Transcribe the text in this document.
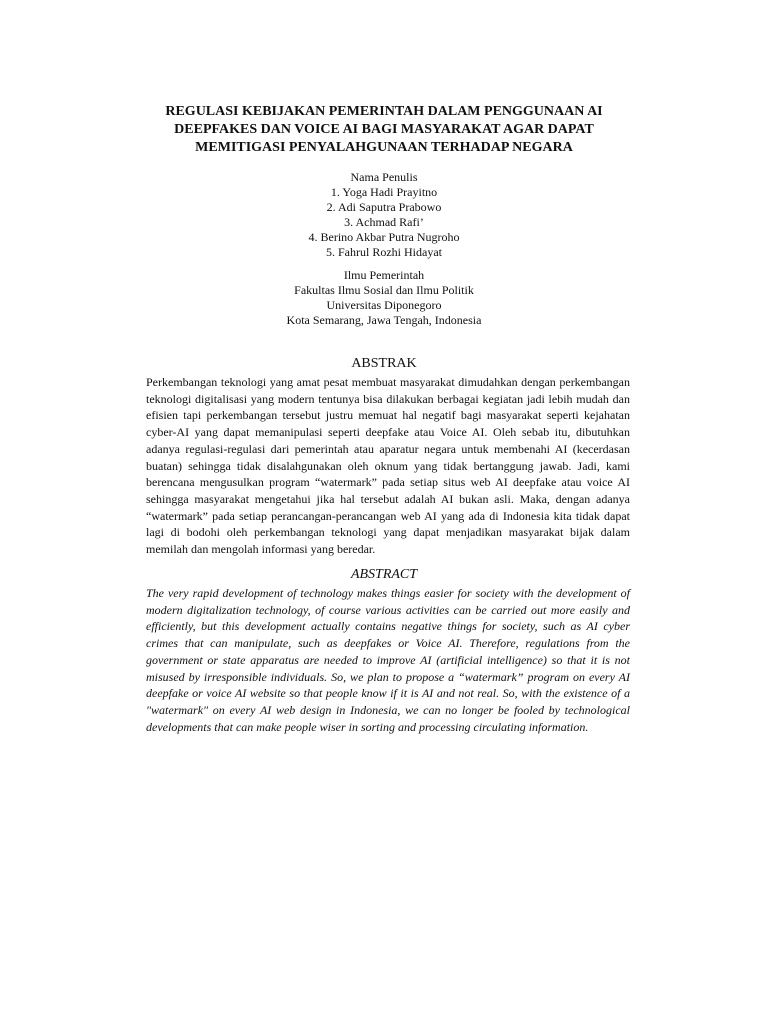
REGULASI KEBIJAKAN PEMERINTAH DALAM PENGGUNAAN AI
DEEPFAKES DAN VOICE AI BAGI MASYARAKAT AGAR DAPAT
MEMITIGASI PENYALAHGUNAAN TERHADAP NEGARA
Nama Penulis
1. Yoga Hadi Prayitno
2. Adi Saputra Prabowo
3. Achmad Rafi’
4. Berino Akbar Putra Nugroho
5. Fahrul Rozhi Hidayat
Ilmu Pemerintah
Fakultas Ilmu Sosial dan Ilmu Politik
Universitas Diponegoro
Kota Semarang, Jawa Tengah, Indonesia
ABSTRAK

Perkembangan teknologi yang amat pesat membuat masyarakat dimudahkan dengan perkembangan teknologi digitalisasi yang modern tentunya bisa dilakukan berbagai kegiatan jadi lebih mudah dan efisien tapi perkembangan tersebut justru memuat hal negatif bagi masyarakat seperti kejahatan cyber-AI yang dapat memanipulasi seperti deepfake atau Voice AI. Oleh sebab itu, dibutuhkan adanya regulasi-regulasi dari pemerintah atau aparatur negara untuk membenahi AI (kecerdasan buatan) sehingga tidak disalahgunakan oleh oknum yang tidak bertanggung jawab. Jadi, kami berencana mengusulkan program “watermark” pada setiap situs web AI deepfake atau voice AI sehingga masyarakat mengetahui jika hal tersebut adalah AI bukan asli. Maka, dengan adanya “watermark” pada setiap perancangan-perancangan web AI yang ada di Indonesia kita tidak dapat lagi di bodohi oleh perkembangan teknologi yang dapat menjadikan masyarakat bijak dalam memilah dan mengolah informasi yang beredar.

ABSTRACT

The very rapid development of technology makes things easier for society with the development of modern digitalization technology, of course various activities can be carried out more easily and efficiently, but this development actually contains negative things for society, such as AI cyber crimes that can manipulate, such as deepfakes or Voice AI. Therefore, regulations from the government or state apparatus are needed to improve AI (artificial intelligence) so that it is not misused by irresponsible individuals. So, we plan to propose a “watermark” program on every AI deepfake or voice AI website so that people know if it is AI and not real. So, with the existence of a "watermark" on every AI web design in Indonesia, we can no longer be fooled by technological developments that can make people wiser in sorting and processing circulating information.
